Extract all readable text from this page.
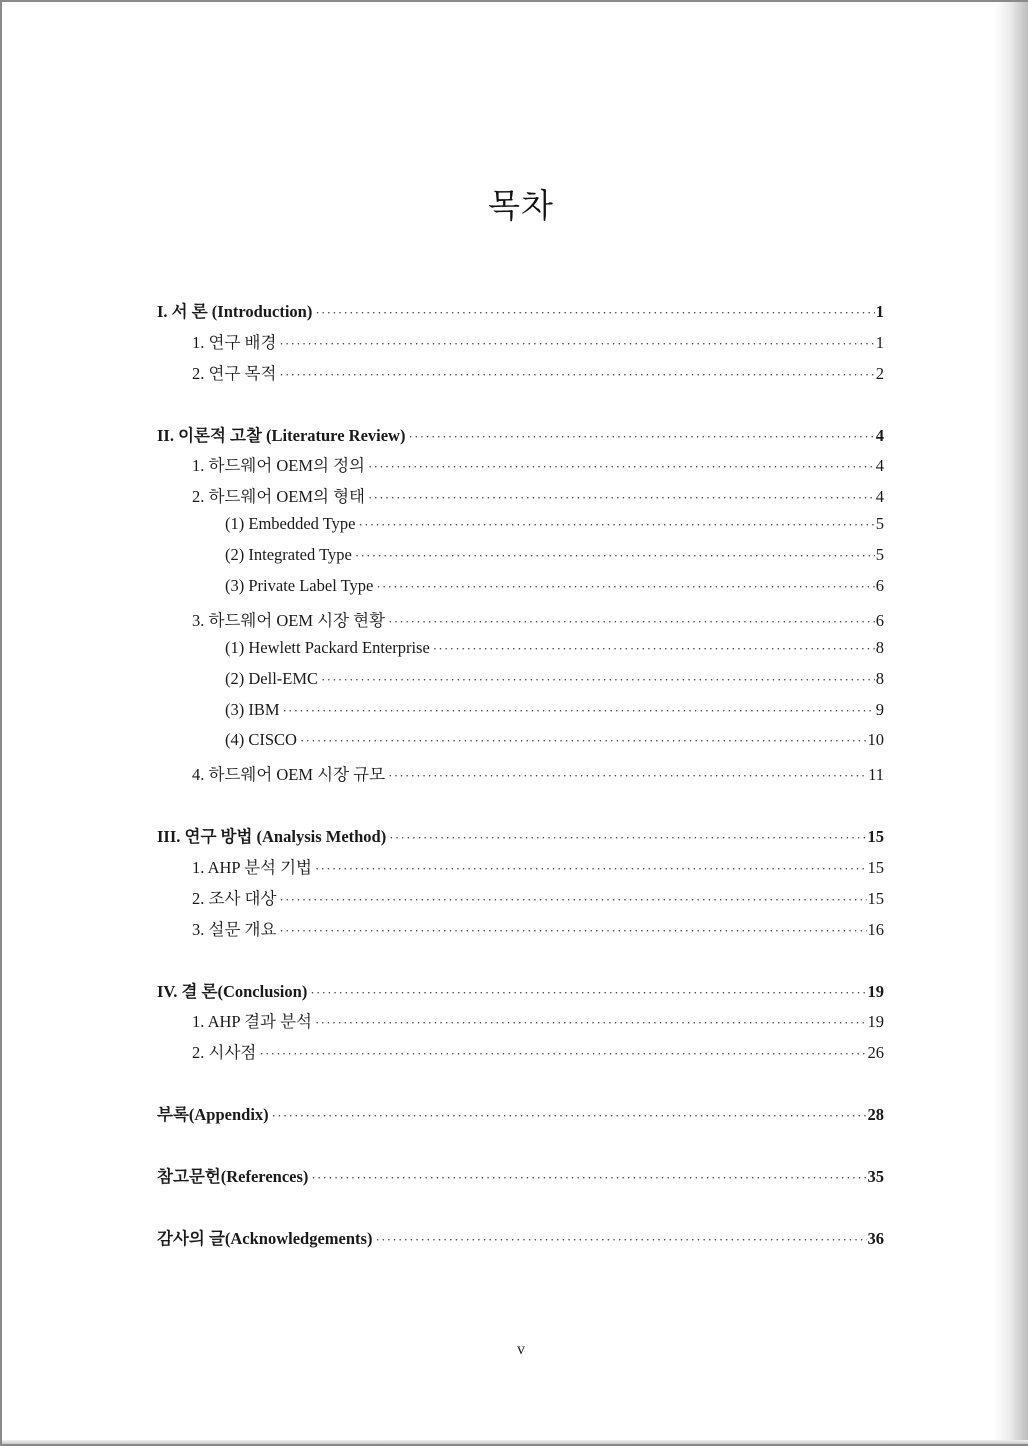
목차
I. 서 론 (Introduction) ·····	1
1. 연구 배경 ·····	1
2. 연구 목적 ·····	2
II. 이론적 고찰 (Literature Review) ·····	4
1. 하드웨어 OEM의 정의 ·····	4
2. 하드웨어 OEM의 형태 ·····	4
(1) Embedded Type ·····	5
(2) Integrated Type ·····	5
(3) Private Label Type ·····	6
3. 하드웨어 OEM 시장 현황 ·····	6
(1) Hewlett Packard Enterprise ·····	8
(2) Dell-EMC ·····	8
(3) IBM ·····	9
(4) CISCO ·····	10
4. 하드웨어 OEM 시장 규모 ·····	11
III. 연구 방법 (Analysis Method) ·····	15
1. AHP 분석 기법 ·····	15
2. 조사 대상 ·····	15
3. 설문 개요 ·····	16
IV. 결 론(Conclusion) ·····	19
1. AHP 결과 분석 ·····	19
2. 시사점 ·····	26
부록(Appendix) ·····	28
참고문헌(References) ·····	35
감사의 글(Acknowledgements) ·····	36
v
